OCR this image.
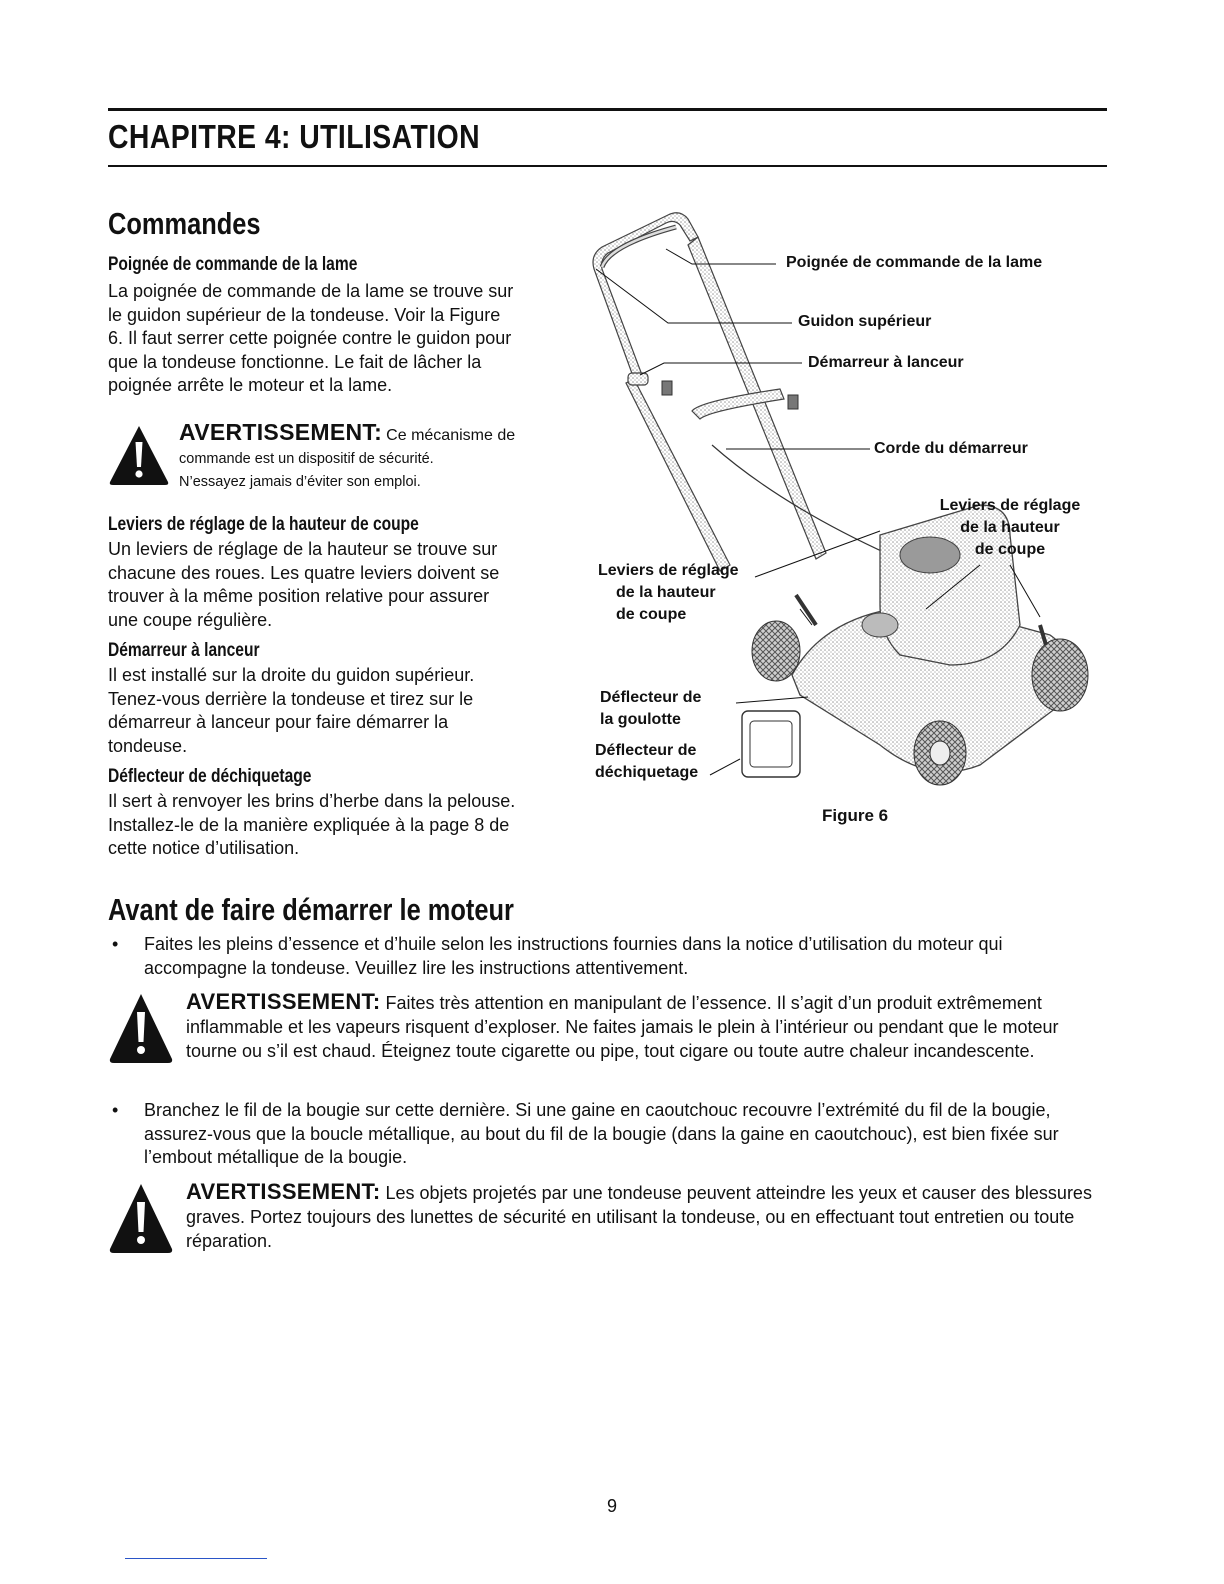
CHAPITRE 4: UTILISATION
Commandes
Poignée de commande de la lame
La poignée de commande de la lame se trouve sur
le guidon supérieur de la tondeuse. Voir la Figure
6. Il faut serrer cette poignée contre le guidon pour
que la tondeuse fonctionne. Le fait de lâcher la
poignée arrête le moteur et la lame.
AVERTISSEMENT: Ce mécanisme de
commande est un dispositif de sécurité.
N’essayez jamais d’éviter son emploi.
Leviers de réglage de la hauteur de coupe
Un leviers de réglage de la hauteur se trouve sur
chacune des roues. Les quatre leviers doivent se
trouver à la même position relative pour assurer
une coupe régulière.
Démarreur à lanceur
Il est installé sur la droite du guidon supérieur.
Tenez-vous derrière la tondeuse et tirez sur le
démarreur à lanceur pour faire démarrer la
tondeuse.
Déflecteur de déchiquetage
Il sert à renvoyer les brins d’herbe dans la pelouse.
Installez-le de la manière expliquée à la page 8 de
cette notice d’utilisation.
Poignée de commande de la lame
Guidon supérieur
Démarreur à lanceur
Corde du démarreur
Leviers de réglage
de la hauteur
de coupe
Leviers de réglage
de la hauteur
de coupe
Déflecteur de
la goulotte
Déflecteur de
déchiquetage
Figure 6
Avant de faire démarrer le moteur
• Faites les pleins d’essence et d’huile selon les instructions fournies dans la notice d’utilisation du moteur qui accompagne la tondeuse. Veuillez lire les instructions attentivement.
AVERTISSEMENT: Faites très attention en manipulant de l’essence. Il s’agit d’un produit extrêmement inflammable et les vapeurs risquent d’exploser. Ne faites jamais le plein à l’intérieur ou pendant que le moteur tourne ou s’il est chaud. Éteignez toute cigarette ou pipe, tout cigare ou toute autre chaleur incandescente.
• Branchez le fil de la bougie sur cette dernière. Si une gaine en caoutchouc recouvre l’extrémité du fil de la bougie, assurez-vous que la boucle métallique, au bout du fil de la bougie (dans la gaine en caoutchouc), est bien fixée sur l’embout métallique de la bougie.
AVERTISSEMENT: Les objets projetés par une tondeuse peuvent atteindre les yeux et causer des blessures graves. Portez toujours des lunettes de sécurité en utilisant la tondeuse, ou en effectuant tout entretien ou toute réparation.
9
